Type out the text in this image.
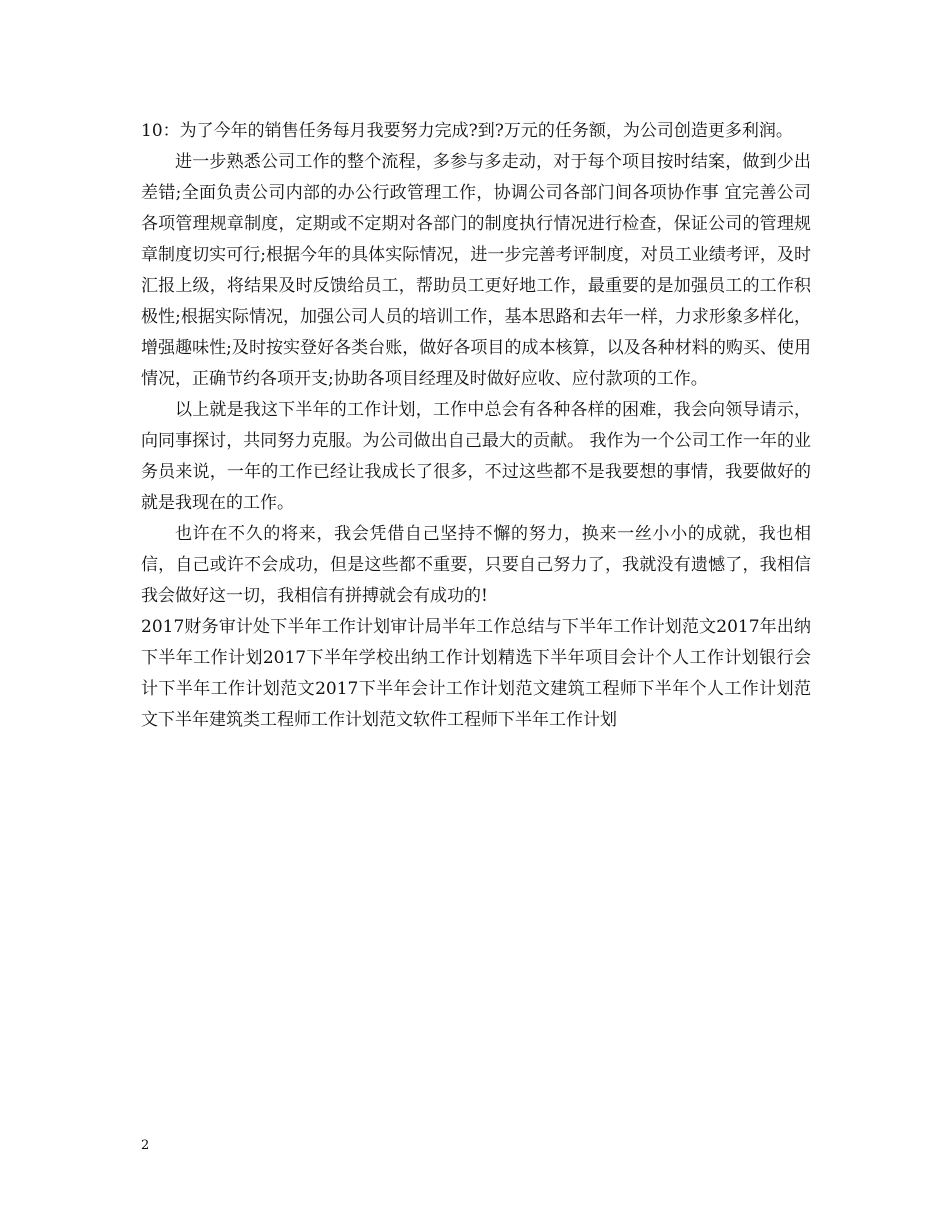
10：为了今年的销售任务每月我要努力完成?到?万元的任务额，为公司创造更多利润。

进一步熟悉公司工作的整个流程，多参与多走动，对于每个项目按时结案，做到少出差错;全面负责公司内部的办公行政管理工作，协调公司各部门间各项协作事 宜完善公司各项管理规章制度，定期或不定期对各部门的制度执行情况进行检查，保证公司的管理规章制度切实可行;根据今年的具体实际情况，进一步完善考评制度，对员工业绩考评，及时汇报上级，将结果及时反馈给员工，帮助员工更好地工作，最重要的是加强员工的工作积极性;根据实际情况，加强公司人员的培训工作，基本思路和去年一样，力求形象多样化，增强趣味性;及时按实登好各类台账，做好各项目的成本核算，以及各种材料的购买、使用情况，正确节约各项开支;协助各项目经理及时做好应收、应付款项的工作。

以上就是我这下半年的工作计划，工作中总会有各种各样的困难，我会向领导请示，向同事探讨，共同努力克服。为公司做出自己最大的贡献。 我作为一个公司工作一年的业务员来说，一年的工作已经让我成长了很多，不过这些都不是我要想的事情，我要做好的就是我现在的工作。

也许在不久的将来，我会凭借自己坚持不懈的努力，换来一丝小小的成就，我也相信，自己或许不会成功，但是这些都不重要，只要自己努力了，我就没有遗憾了，我相信我会做好这一切，我相信有拼搏就会有成功的!

2017财务审计处下半年工作计划审计局半年工作总结与下半年工作计划范文2017年出纳下半年工作计划2017下半年学校出纳工作计划精选下半年项目会计个人工作计划银行会计下半年工作计划范文2017下半年会计工作计划范文建筑工程师下半年个人工作计划范文下半年建筑类工程师工作计划范文软件工程师下半年工作计划

2
